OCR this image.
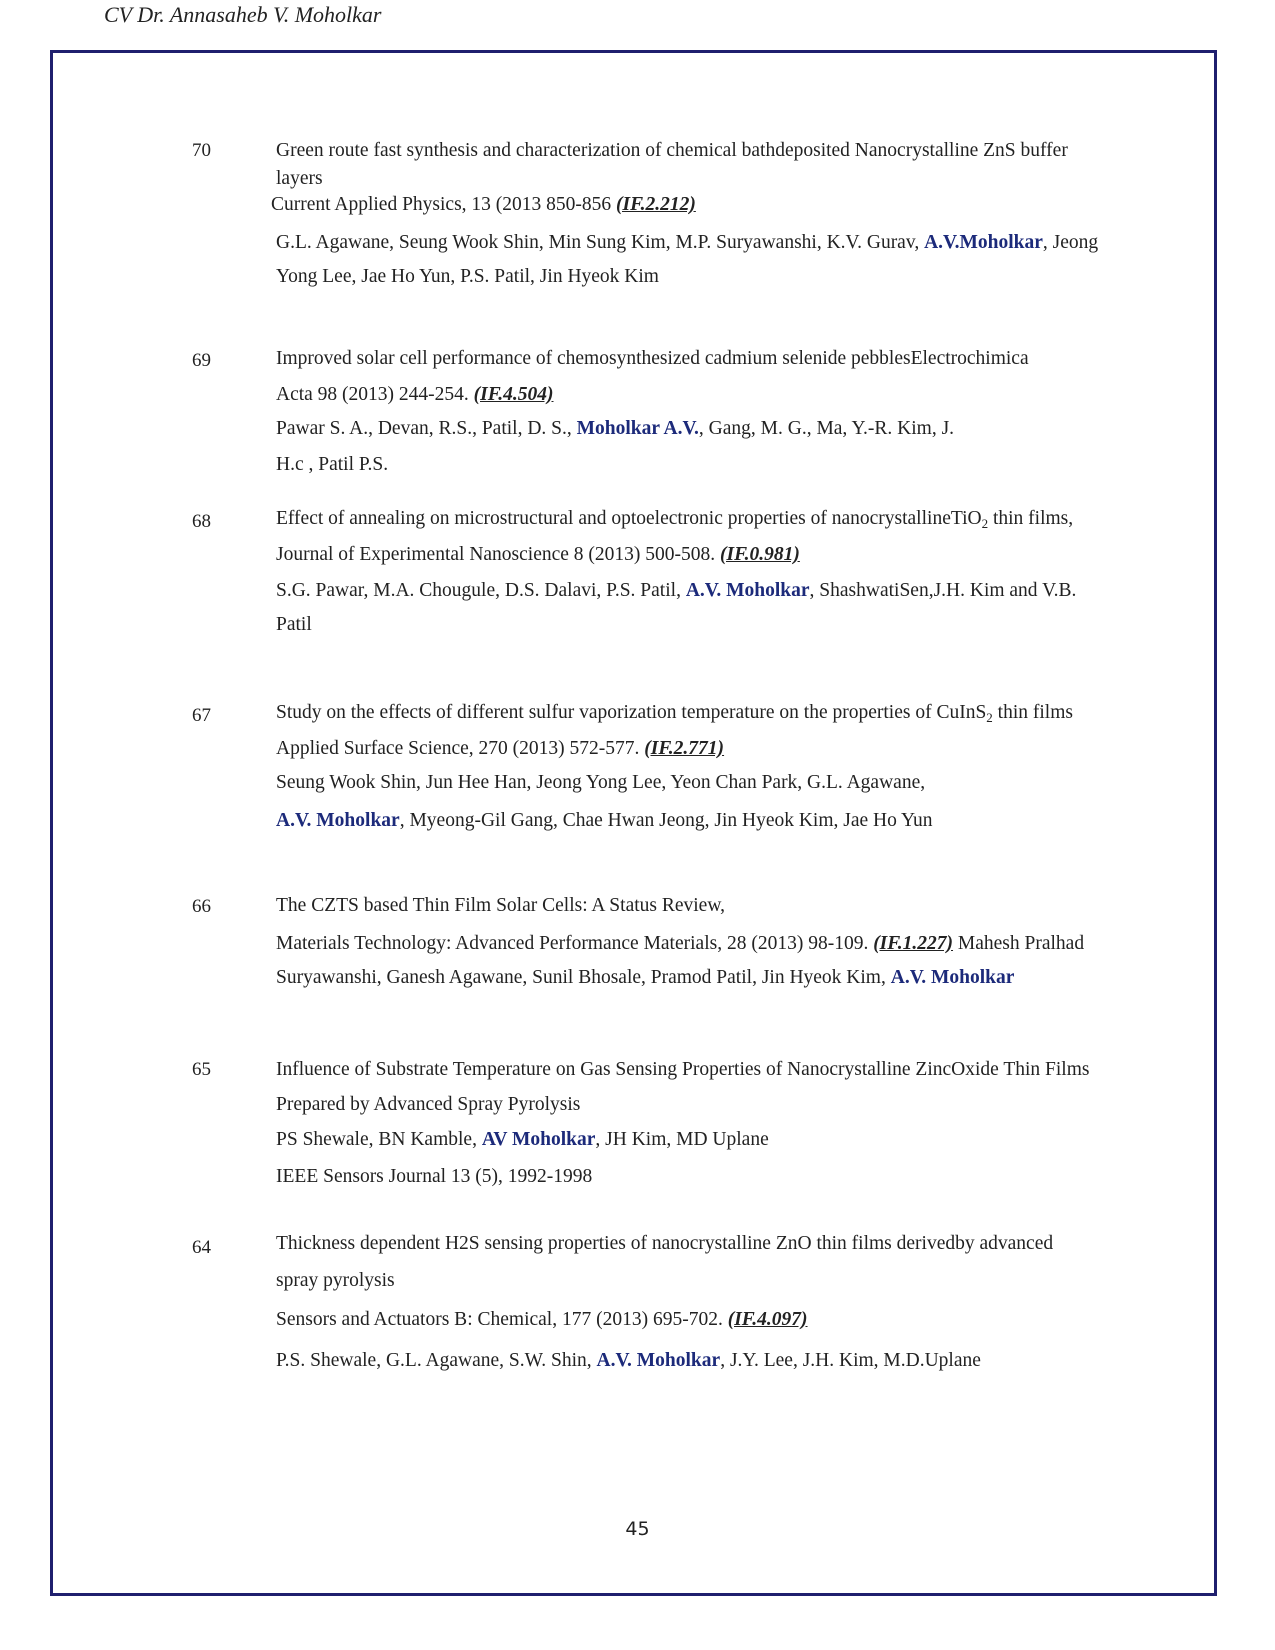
CV Dr. Annasaheb V. Moholkar
70	Green route fast synthesis and characterization of chemical bathdeposited Nanocrystalline ZnS buffer
layers
Current Applied Physics, 13 (2013 850-856 (IF.2.212)
G.L. Agawane, Seung Wook Shin, Min Sung Kim, M.P. Suryawanshi, K.V. Gurav, A.V.Moholkar, Jeong
Yong Lee, Jae Ho Yun, P.S. Patil, Jin Hyeok Kim
69	Improved solar cell performance of chemosynthesized cadmium selenide pebblesElectrochimica
Acta 98 (2013) 244-254. (IF.4.504)
Pawar S. A., Devan, R.S., Patil, D. S., Moholkar A.V., Gang, M. G., Ma, Y.-R. Kim, J.
H.c , Patil P.S.
68	Effect of annealing on microstructural and optoelectronic properties of nanocrystallineTiO$_2$ thin films,
Journal of Experimental Nanoscience 8 (2013) 500-508. (IF.0.981)
S.G. Pawar, M.A. Chougule, D.S. Dalavi, P.S. Patil, A.V. Moholkar, ShashwatiSen,J.H. Kim and V.B.
Patil
67	Study on the effects of different sulfur vaporization temperature on the properties of CuInS$_2$ thin films
Applied Surface Science, 270 (2013) 572-577. (IF.2.771)
Seung Wook Shin, Jun Hee Han, Jeong Yong Lee, Yeon Chan Park, G.L. Agawane,
A.V. Moholkar, Myeong-Gil Gang, Chae Hwan Jeong, Jin Hyeok Kim, Jae Ho Yun
66	The CZTS based Thin Film Solar Cells: A Status Review,
Materials Technology: Advanced Performance Materials, 28 (2013) 98-109. (IF.1.227) Mahesh Pralhad
Suryawanshi, Ganesh Agawane, Sunil Bhosale, Pramod Patil, Jin Hyeok Kim, A.V. Moholkar
65	Influence of Substrate Temperature on Gas Sensing Properties of Nanocrystalline ZincOxide Thin Films
Prepared by Advanced Spray Pyrolysis
PS Shewale, BN Kamble, AV Moholkar, JH Kim, MD Uplane
IEEE Sensors Journal 13 (5), 1992-1998
64	Thickness dependent H2S sensing properties of nanocrystalline ZnO thin films derivedby advanced
spray pyrolysis
Sensors and Actuators B: Chemical, 177 (2013) 695-702. (IF.4.097)
P.S. Shewale, G.L. Agawane, S.W. Shin, A.V. Moholkar, J.Y. Lee, J.H. Kim, M.D.Uplane
45
